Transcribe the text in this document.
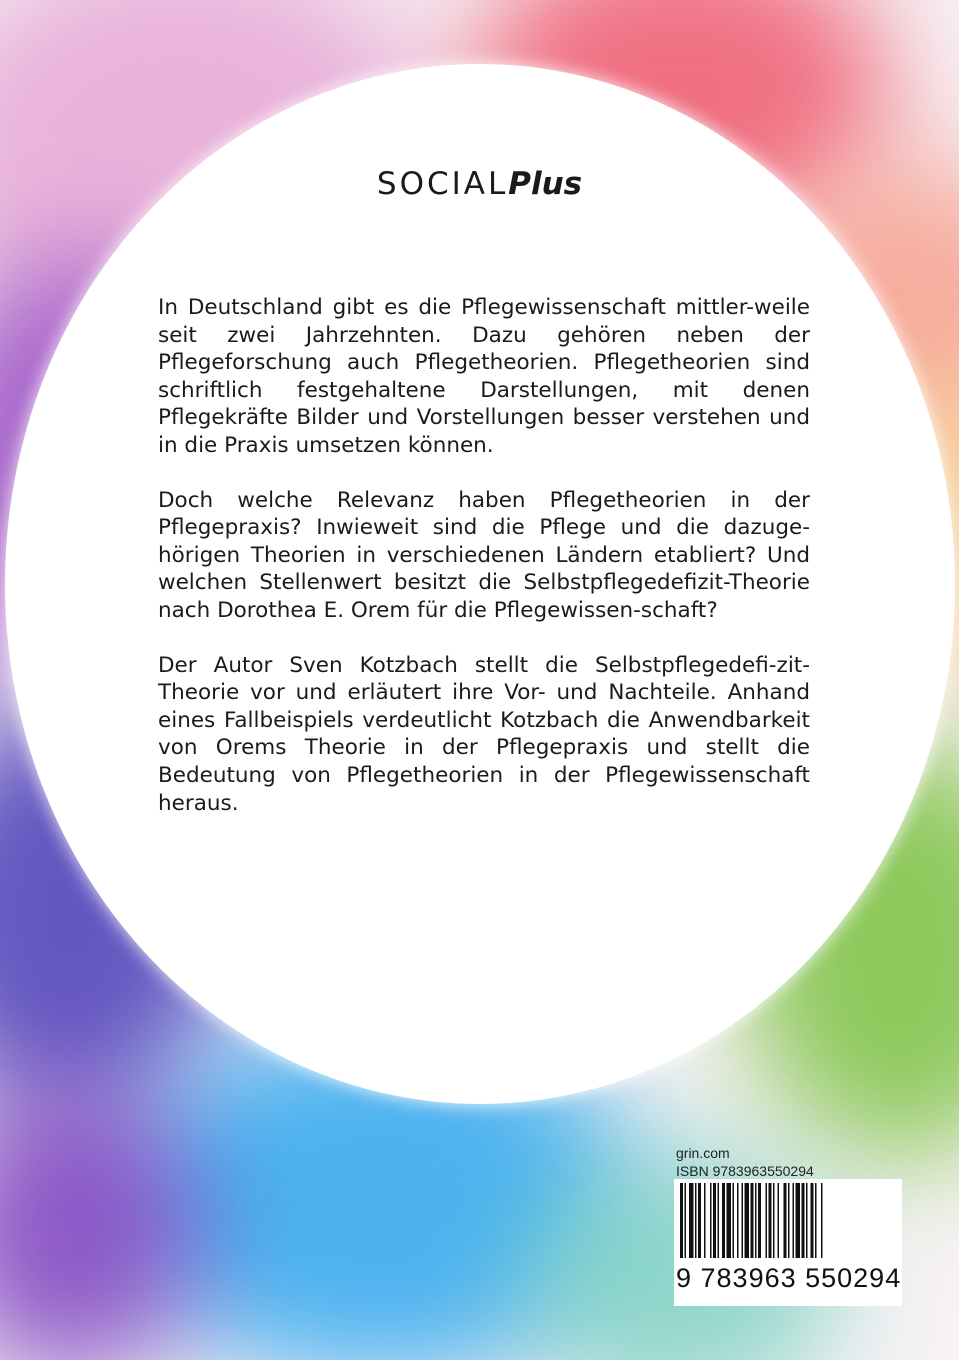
SOCIALPlus

In Deutschland gibt es die Pflegewissenschaft mittler-weile seit zwei Jahrzehnten. Dazu gehören neben der Pflegeforschung auch Pflegetheorien. Pflegetheorien sind schriftlich festgehaltene Darstellungen, mit denen Pflegekräfte Bilder und Vorstellungen besser verstehen und in die Praxis umsetzen können.

Doch welche Relevanz haben Pflegetheorien in der Pflegepraxis? Inwieweit sind die Pflege und die dazuge-hörigen Theorien in verschiedenen Ländern etabliert? Und welchen Stellenwert besitzt die Selbstpflegedefizit-Theorie nach Dorothea E. Orem für die Pflegewissen-schaft?

Der Autor Sven Kotzbach stellt die Selbstpflegedefi-zit-Theorie vor und erläutert ihre Vor- und Nachteile. Anhand eines Fallbeispiels verdeutlicht Kotzbach die Anwendbarkeit von Orems Theorie in der Pflegepraxis und stellt die Bedeutung von Pflegetheorien in der Pflegewissenschaft heraus.

grin.com
ISBN 9783963550294
9 783963 550294
